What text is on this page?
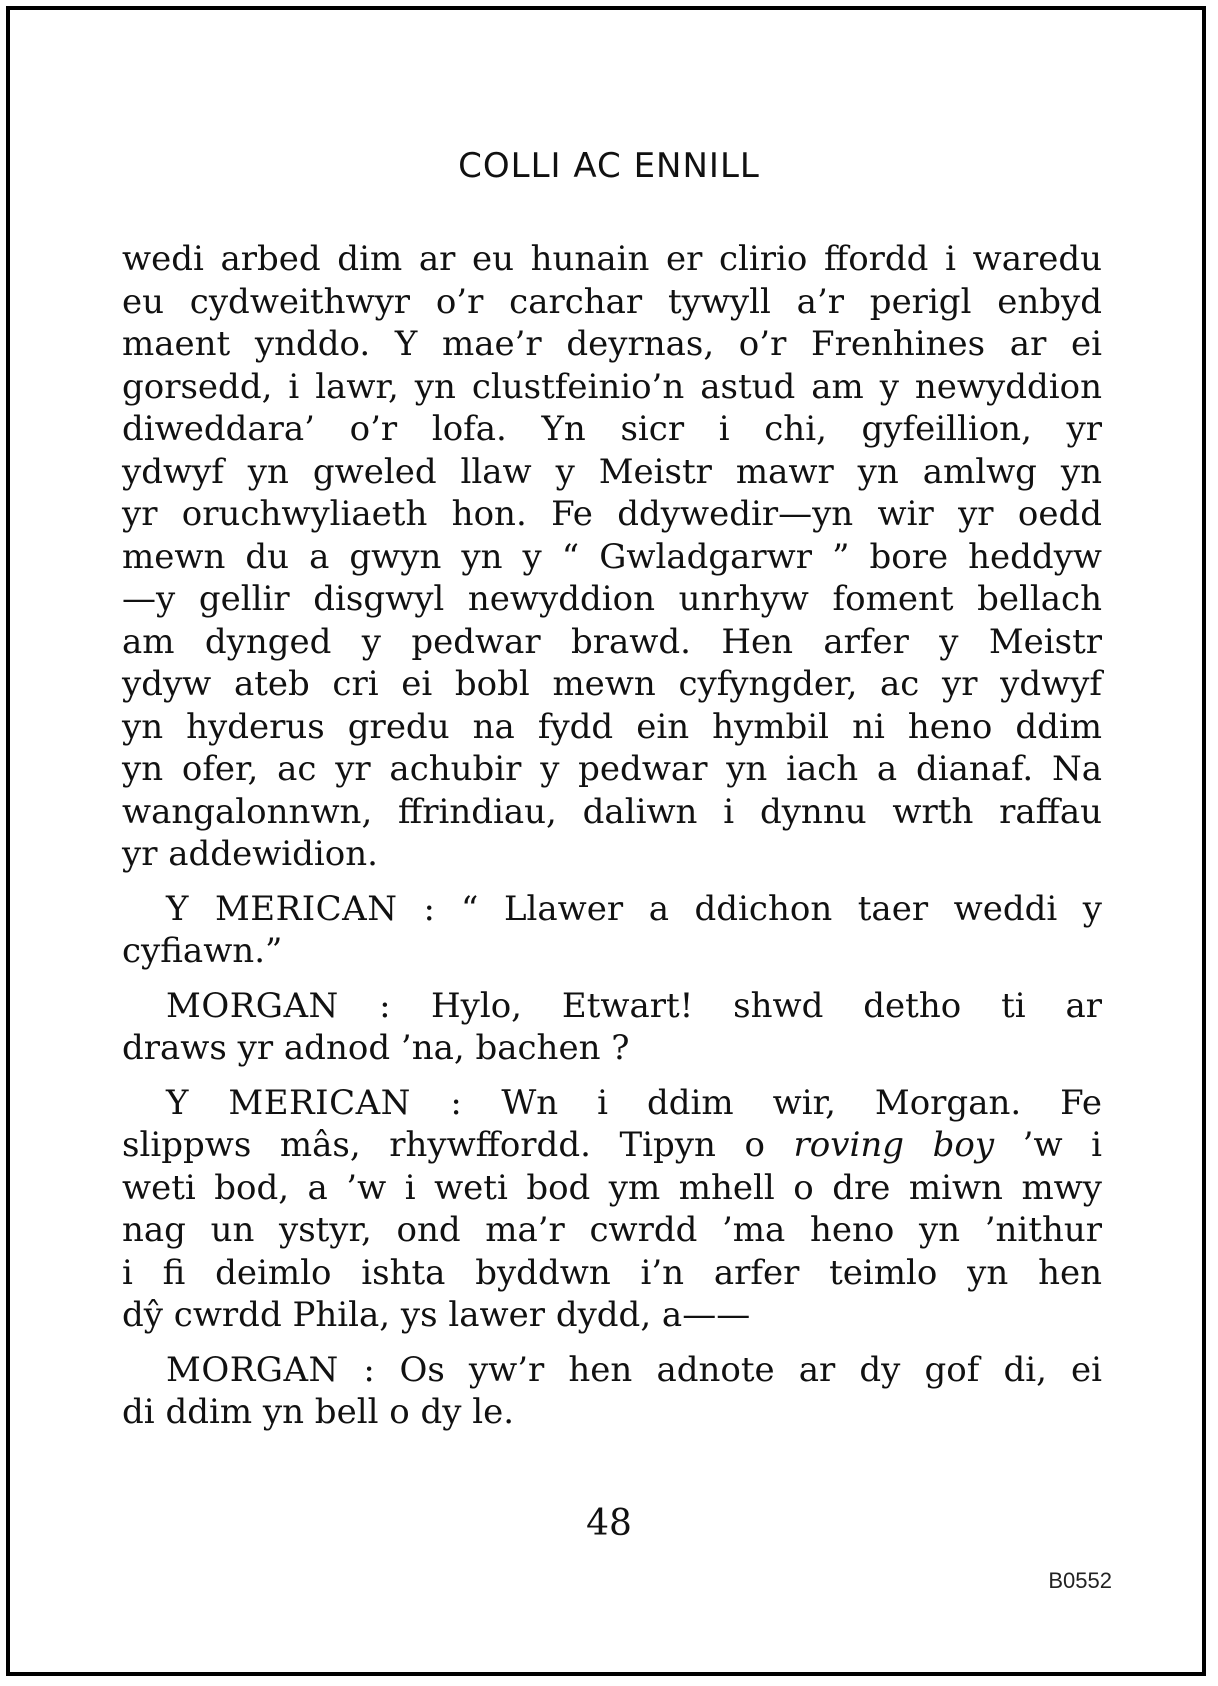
COLLI AC ENNILL

wedi arbed dim ar eu hunain er clirio ffordd i waredu
eu cydweithwyr o’r carchar tywyll a’r perigl enbyd
maent ynddo. Y mae’r deyrnas, o’r Frenhines ar ei
gorsedd, i lawr, yn clustfeinio’n astud am y newyddion
diweddara’ o’r lofa. Yn sicr i chi, gyfeillion, yr
ydwyf yn gweled llaw y Meistr mawr yn amlwg yn
yr oruchwyliaeth hon. Fe ddywedir—yn wir yr oedd
mewn du a gwyn yn y “ Gwladgarwr ” bore heddyw
—y gellir disgwyl newyddion unrhyw foment bellach
am dynged y pedwar brawd. Hen arfer y Meistr
ydyw ateb cri ei bobl mewn cyfyngder, ac yr ydwyf
yn hyderus gredu na fydd ein hymbil ni heno ddim
yn ofer, ac yr achubir y pedwar yn iach a dianaf. Na
wangalonnwn, ffrindiau, daliwn i dynnu wrth raffau
yr addewidion.

Y MERICAN : “ Llawer a ddichon taer weddi y
cyfiawn.”

MORGAN : Hylo, Etwart! shwd detho ti ar
draws yr adnod ’na, bachen ?

Y MERICAN : Wn i ddim wir, Morgan. Fe
slippws mâs, rhywffordd. Tipyn o roving boy ’w i
weti bod, a ’w i weti bod ym mhell o dre miwn mwy
nag un ystyr, ond ma’r cwrdd ’ma heno yn ’nithur
i fi deimlo ishta byddwn i’n arfer teimlo yn hen
dŷ cwrdd Phila, ys lawer dydd, a——

MORGAN : Os yw’r hen adnote ar dy gof di, ei
di ddim yn bell o dy le.

48
B0552
